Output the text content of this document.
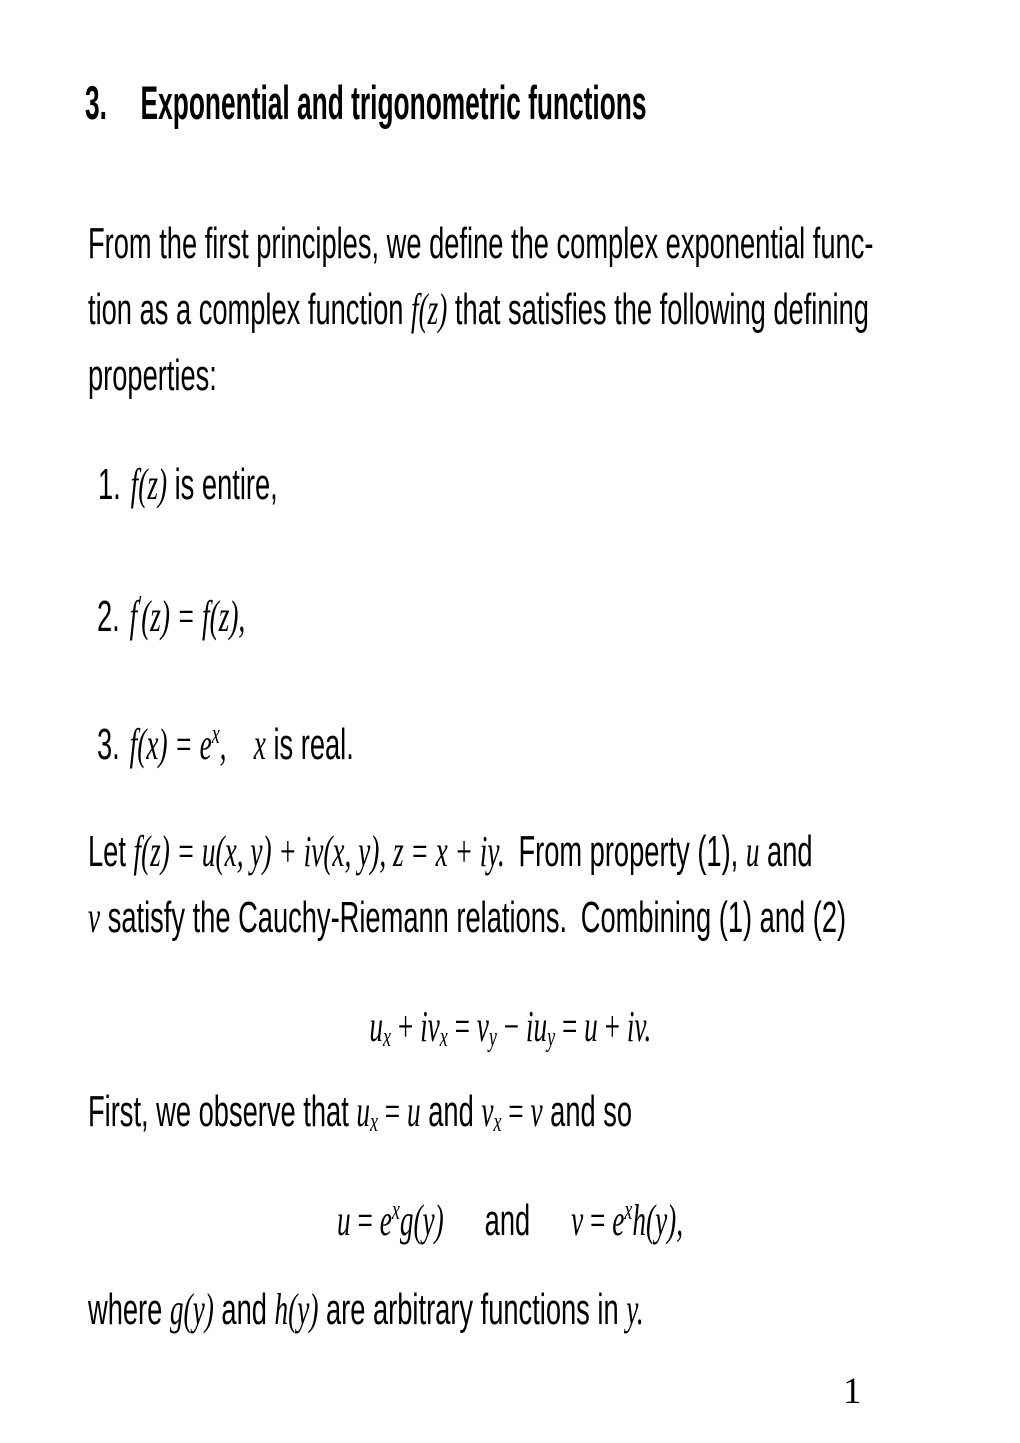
3. Exponential and trigonometric functions
From the first principles, we define the complex exponential func-
tion as a complex function f(z) that satisfies the following defining
properties:
1. f(z) is entire,
2. f′(z) = f(z),
3. $f(x) = e^x$, x is real.
Let f(z) = u(x, y) + iv(x, y), z = x + iy. From property (1), u and
v satisfy the Cauchy-Riemann relations. Combining (1) and (2)
$u_x + iv_x = v_y - iu_y = u$ + iv.
First, we observe that $u_x = u$ and $v_x = v$ and so
$u = e^xg(y)$  and  $v = e^xh(y)$,
where g(y) and h(y) are arbitrary functions in y.
1
